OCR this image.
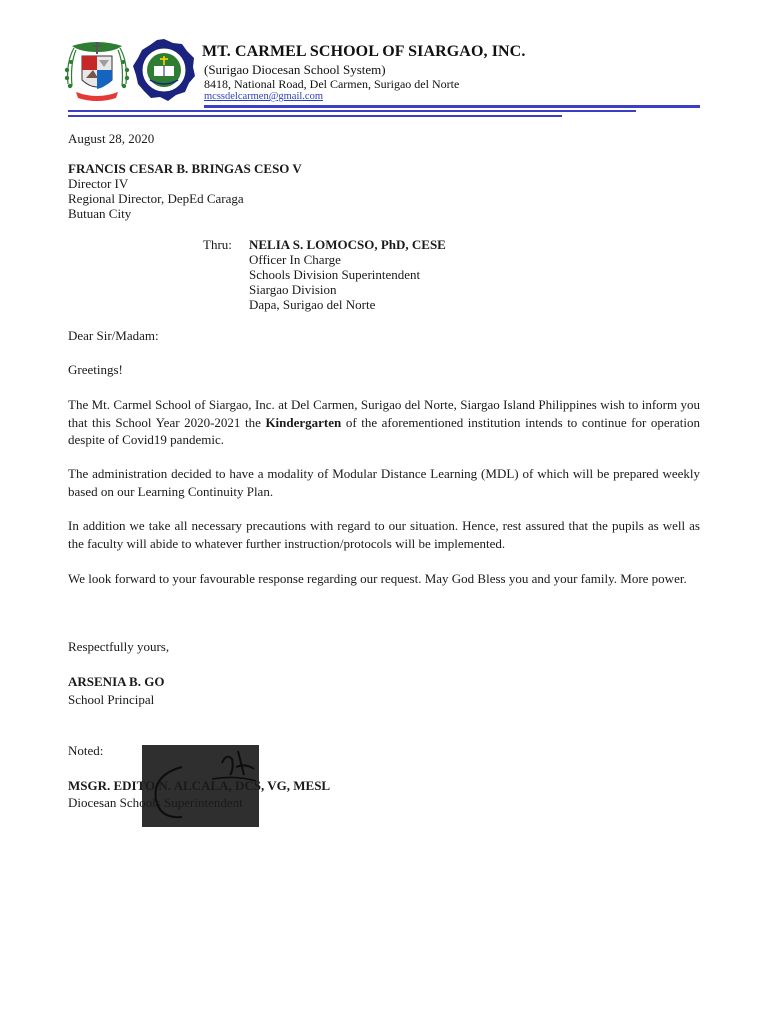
MT. CARMEL SCHOOL OF SIARGAO, INC.
(Surigao Diocesan School System)
8418, National Road, Del Carmen, Surigao del Norte
mcssdelcarmen@gmail.com
August 28, 2020
FRANCIS CESAR B. BRINGAS CESO V
Director IV
Regional Director, DepEd Caraga
Butuan City
Thru: NELIA S. LOMOCSO, PhD, CESE
Officer In Charge
Schools Division Superintendent
Siargao Division
Dapa, Surigao del Norte
Dear Sir/Madam:
Greetings!

The Mt. Carmel School of Siargao, Inc. at Del Carmen, Surigao del Norte, Siargao Island Philippines wish to inform you that this School Year 2020-2021 the Kindergarten of the aforementioned institution intends to continue for operation despite of Covid19 pandemic.

The administration decided to have a modality of Modular Distance Learning (MDL) of which will be prepared weekly based on our Learning Continuity Plan.

In addition we take all necessary precautions with regard to our situation. Hence, rest assured that the pupils as well as the faculty will abide to whatever further instruction/protocols will be implemented.

We look forward to your favourable response regarding our request. May God Bless you and your family. More power.

Respectfully yours,
ARSENIA B. GO
School Principal
Noted:
MSGR. EDITO N. ALCALA, DCS, VG, MESL
Diocesan Schools Superintendent
